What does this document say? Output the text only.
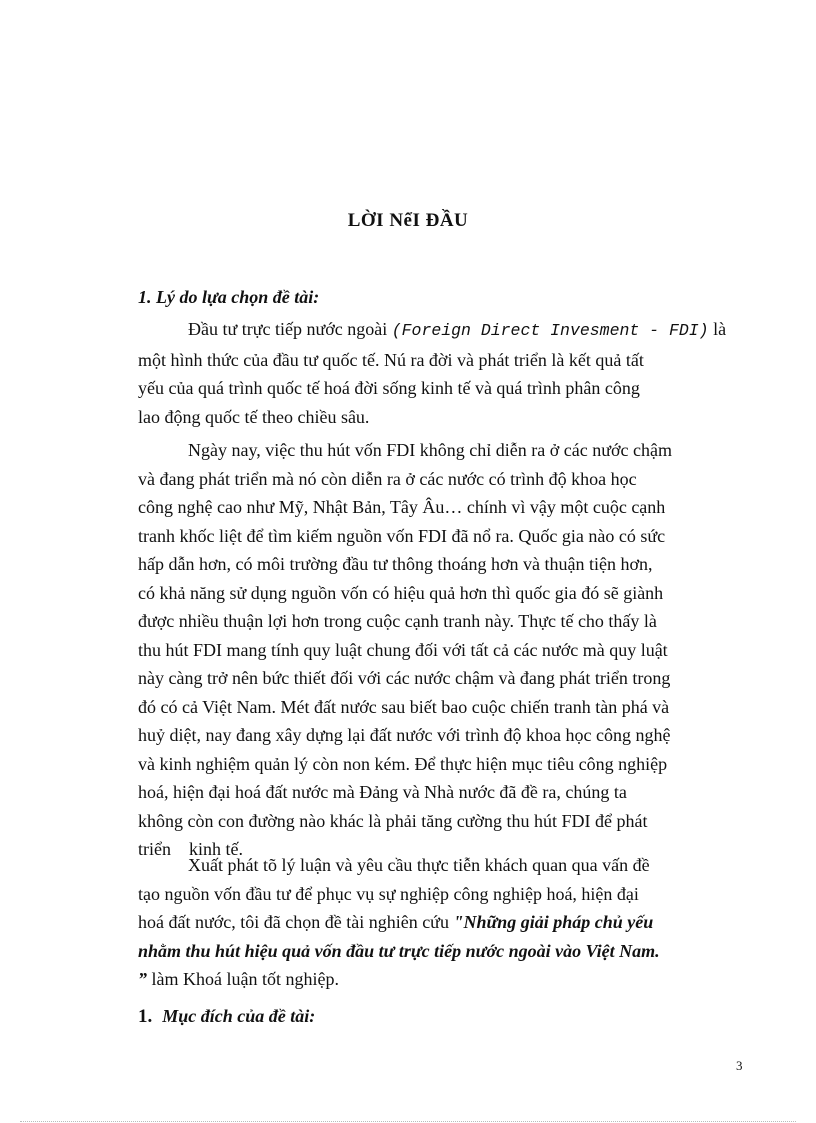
LỜI NểI ĐẦU
1. Lý do lựa chọn đề tài:

Đầu tư trực tiếp nước ngoài (Foreign Direct Invesment - FDI) là
một hình thức của đầu tư quốc tế. Nú ra đời và phát triển là kết quả tất
yếu của quá trình quốc tế hoá đời sống kinh tế và quá trình phân công
lao động quốc tế theo chiều sâu.

Ngày nay, việc thu hút vốn FDI không chỉ diễn ra ở các nước chậm
và đang phát triển mà nó còn diễn ra ở các nước có trình độ khoa học
công nghệ cao như Mỹ, Nhật Bản, Tây Âu… chính vì vậy một cuộc cạnh
tranh khốc liệt để tìm kiếm nguồn vốn FDI đã nổ ra. Quốc gia nào có sức
hấp dẫn hơn, có môi trường đầu tư thông thoáng hơn và thuận tiện hơn,
có khả năng sử dụng nguồn vốn có hiệu quả hơn thì quốc gia đó sẽ giành
được nhiều thuận lợi hơn trong cuộc cạnh tranh này. Thực tế cho thấy là
thu hút FDI mang tính quy luật chung đối với tất cả các nước mà quy luật
này càng trở nên bức thiết đối với các nước chậm và đang phát triển trong
đó có cả Việt Nam. Mét đất nước sau biết bao cuộc chiến tranh tàn phá và
huỷ diệt, nay đang xây dựng lại đất nước với trình độ khoa học công nghệ
và kinh nghiệm quản lý còn non kém. Để thực hiện mục tiêu công nghiệp
hoá, hiện đại hoá đất nước mà Đảng và Nhà nước đã đề ra, chúng ta
không còn con đường nào khác là phải tăng cường thu hút FDI để phát
triển    kinh tế.

Xuất phát tõ lý luận và yêu cầu thực tiễn khách quan qua vấn đề
tạo nguồn vốn đầu tư để phục vụ sự nghiệp công nghiệp hoá, hiện đại
hoá đất nước, tôi đã chọn đề tài nghiên cứu "Những giải pháp chủ yếu
nhằm thu hút hiệu quả vốn đầu tư trực tiếp nước ngoài vào Việt Nam.
” làm Khoá luận tốt nghiệp.

1. Mục đích của đề tài:
3
